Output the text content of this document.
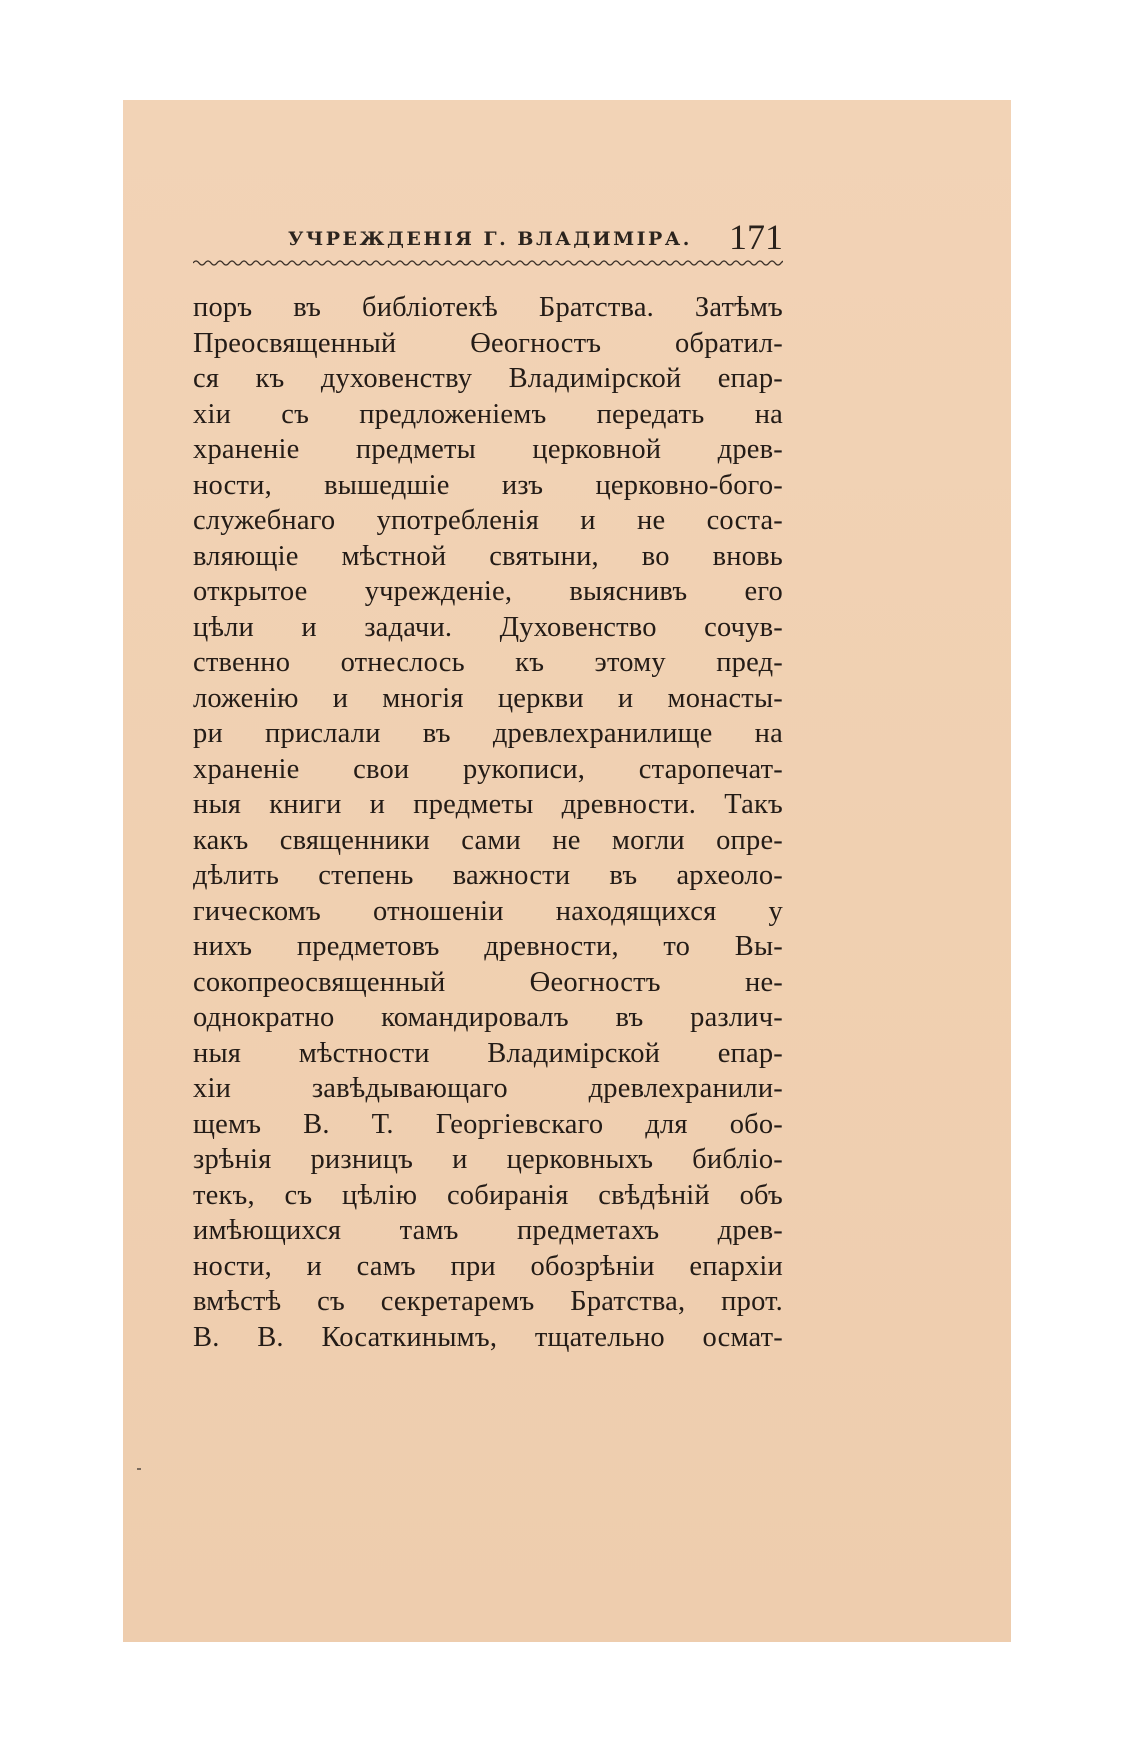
УЧРЕЖДЕНІЯ Г. ВЛАДИМІРА. 171
поръ въ библіотекѣ Братства. Затѣмъ
Преосвященный Өеогностъ обратил-
ся къ духовенству Владимірской епар-
хіи съ предложеніемъ передать на
храненіе предметы церковной древ-
ности, вышедшіе изъ церковно-бого-
служебнаго употребленія и не соста-
вляющіе мѣстной святыни, во вновь
открытое учрежденіе, выяснивъ его
цѣли и задачи. Духовенство сочув-
ственно отнеслось къ этому пред-
ложенію и многія церкви и монасты-
ри прислали въ древлехранилище на
храненіе свои рукописи, старопечат-
ныя книги и предметы древности. Такъ
какъ священники сами не могли опре-
дѣлить степень важности въ археоло-
гическомъ отношеніи находящихся у
нихъ предметовъ древности, то Вы-
сокопреосвященный Өеогностъ не-
однократно командировалъ въ различ-
ныя мѣстности Владимірской епар-
хіи завѣдывающаго древлехранили-
щемъ В. Т. Георгіевскаго для обо-
зрѣнія ризницъ и церковныхъ библіо-
текъ, съ цѣлію собиранія свѣдѣній объ
имѣющихся тамъ предметахъ древ-
ности, и самъ при обозрѣніи епархіи
вмѣстѣ съ секретаремъ Братства, прот.
В. В. Косаткинымъ, тщательно осмат-
